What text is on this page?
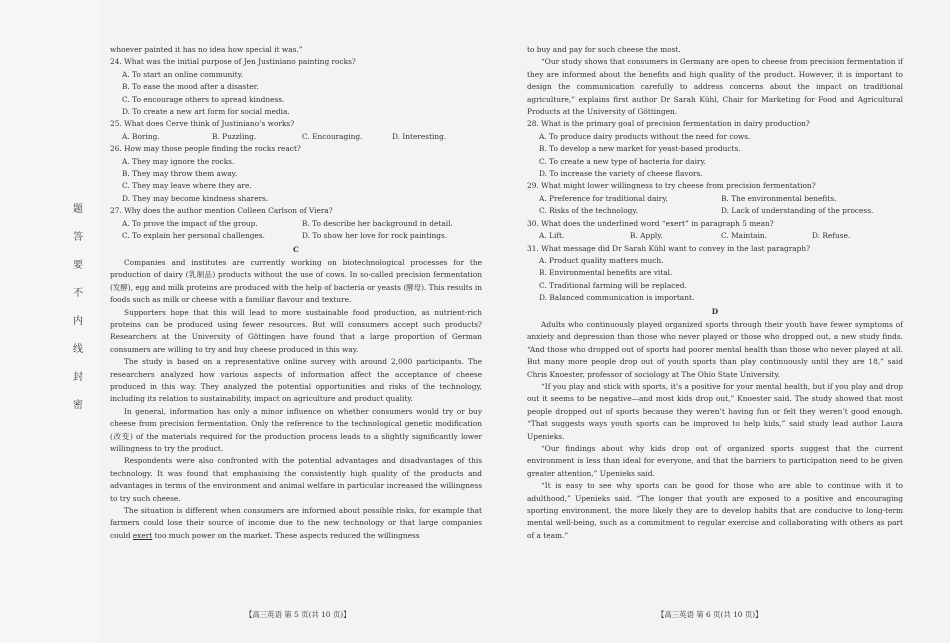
题
答
要
不
内
线
封
密
whoever painted it has no idea how special it was.”
24. What was the initial purpose of Jen Justiniano painting rocks?
A. To start an online community.
B. To ease the mood after a disaster.
C. To encourage others to spread kindness.
D. To create a new art form for social media.
25. What does Cerve think of Justiniano’s works?
A. Boring.	B. Puzzling.	C. Encouraging.	D. Interesting.
26. How may those people finding the rocks react?
A. They may ignore the rocks.
B. They may throw them away.
C. They may leave where they are.
D. They may become kindness sharers.
27. Why does the author mention Colleen Carlson of Viera?
A. To prove the impact of the group.	B. To describe her background in detail.
C. To explain her personal challenges.	D. To show her love for rock paintings.
C

Companies and institutes are currently working on biotechnological processes for the production of dairy (乳制品) products without the use of cows. In so-called precision fermentation (发酵), egg and milk proteins are produced with the help of bacteria or yeasts (酵母). This results in foods such as milk or cheese with a familiar flavour and texture.

Supporters hope that this will lead to more sustainable food production, as nutrient-rich proteins can be produced using fewer resources. But will consumers accept such products? Researchers at the University of Göttingen have found that a large proportion of German consumers are willing to try and buy cheese produced in this way.

The study is based on a representative online survey with around 2,000 participants. The researchers analyzed how various aspects of information affect the acceptance of cheese produced in this way. They analyzed the potential opportunities and risks of the technology, including its relation to sustainability, impact on agriculture and product quality.

In general, information has only a minor influence on whether consumers would try or buy cheese from precision fermentation. Only the reference to the technological genetic modification (改变) of the materials required for the production process leads to a slightly significantly lower willingness to try the product.

Respondents were also confronted with the potential advantages and disadvantages of this technology. It was found that emphasising the consistently high quality of the products and advantages in terms of the environment and animal welfare in particular increased the willingness to try such cheese.

The situation is different when consumers are informed about possible risks, for example that farmers could lose their source of income due to the new technology or that large companies could exert too much power on the market. These aspects reduced the willingness

【高三英语 第 5 页(共 10 页)】
to buy and pay for such cheese the most.

“Our study shows that consumers in Germany are open to cheese from precision fermentation if they are informed about the benefits and high quality of the product. However, it is important to design the communication carefully to address concerns about the impact on traditional agriculture,” explains first author Dr Sarah Kühl, Chair for Marketing for Food and Agricultural Products at the University of Göttingen.

28. What is the primary goal of precision fermentation in dairy production?
A. To produce dairy products without the need for cows.
B. To develop a new market for yeast-based products.
C. To create a new type of bacteria for dairy.
D. To increase the variety of cheese flavors.
29. What might lower willingness to try cheese from precision fermentation?
A. Preference for traditional dairy.	B. The environmental benefits.
C. Risks of the technology.	D. Lack of understanding of the process.
30. What does the underlined word “exert” in paragraph 5 mean?
A. Lift.	B. Apply.	C. Maintain.	D. Refuse.
31. What message did Dr Sarah Kühl want to convey in the last paragraph?
A. Product quality matters much.
B. Environmental benefits are vital.
C. Traditional farming will be replaced.
D. Balanced communication is important.
D

Adults who continuously played organized sports through their youth have fewer symptoms of anxiety and depression than those who never played or those who dropped out, a new study finds. “And those who dropped out of sports had poorer mental health than those who never played at all. But many more people drop out of youth sports than play continuously until they are 18,” said Chris Knoester, professor of sociology at The Ohio State University.

“If you play and stick with sports, it’s a positive for your mental health, but if you play and drop out it seems to be negative—and most kids drop out,” Knoester said. The study showed that most people dropped out of sports because they weren’t having fun or felt they weren’t good enough. “That suggests ways youth sports can be improved to help kids,” said study lead author Laura Upenieks.

“Our findings about why kids drop out of organized sports suggest that the current environment is less than ideal for everyone, and that the barriers to participation need to be given greater attention,” Upenieks said.

“It is easy to see why sports can be good for those who are able to continue with it to adulthood,” Upenieks said. “The longer that youth are exposed to a positive and encouraging sporting environment, the more likely they are to develop habits that are conducive to long-term mental well-being, such as a commitment to regular exercise and collaborating with others as part of a team.”

【高三英语 第 6 页(共 10 页)】
